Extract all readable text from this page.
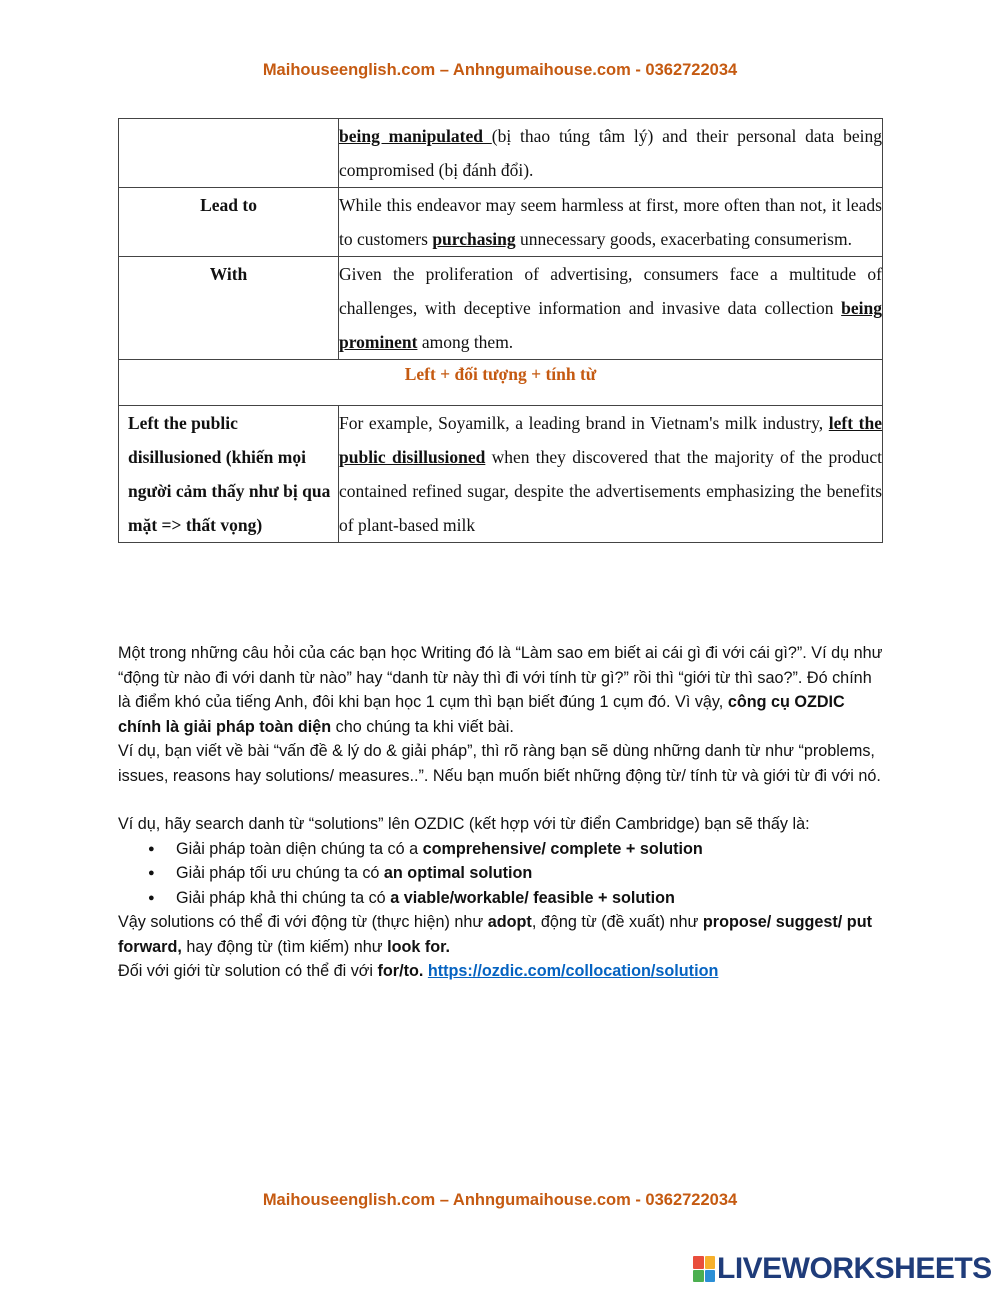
Maihouseenglish.com – Anhngumaihouse.com - 0362722034
	being manipulated (bị thao túng tâm lý) and their personal data being compromised (bị đánh đổi).
Lead to	While this endeavor may seem harmless at first, more often than not, it leads to customers purchasing unnecessary goods, exacerbating consumerism.
With	Given the proliferation of advertising, consumers face a multitude of challenges, with deceptive information and invasive data collection being prominent among them.

Left + đối tượng + tính từ	

Left the public disillusioned (khiến mọi người cảm thấy như bị qua mặt => thất vọng)	For example, Soyamilk, a leading brand in Vietnam's milk industry, left the public disillusioned when they discovered that the majority of the product contained refined sugar, despite the advertisements emphasizing the benefits of plant-based milk

Một trong những câu hỏi của các bạn học Writing đó là “Làm sao em biết ai cái gì đi với cái gì?”. Ví dụ như “động từ nào đi với danh từ nào” hay “danh từ này thì đi với tính từ gì?” rồi thì “giới từ thì sao?”. Đó chính là điểm khó của tiếng Anh, đôi khi bạn học 1 cụm thì bạn biết đúng 1 cụm đó. Vì vậy, công cụ OZDIC chính là giải pháp toàn diện cho chúng ta khi viết bài.

Ví dụ, bạn viết về bài “vấn đề & lý do & giải pháp”, thì rõ ràng bạn sẽ dùng những danh từ như “problems, issues, reasons hay solutions/ measures..”. Nếu bạn muốn biết những động từ/ tính từ và giới từ đi với nó.

Ví dụ, hãy search danh từ “solutions” lên OZDIC (kết hợp với từ điển Cambridge) bạn sẽ thấy là:

● Giải pháp toàn diện chúng ta có a comprehensive/ complete + solution
● Giải pháp tối ưu chúng ta có an optimal solution
● Giải pháp khả thi chúng ta có a viable/workable/ feasible + solution

Vậy solutions có thể đi với động từ (thực hiện) như adopt, động từ (đề xuất) như propose/ suggest/ put forward, hay động từ (tìm kiếm) như look for.

Đối với giới từ solution có thể đi với for/to. https://ozdic.com/collocation/solution

Maihouseenglish.com – Anhngumaihouse.com - 0362722034
LIVEWORKSHEETS
